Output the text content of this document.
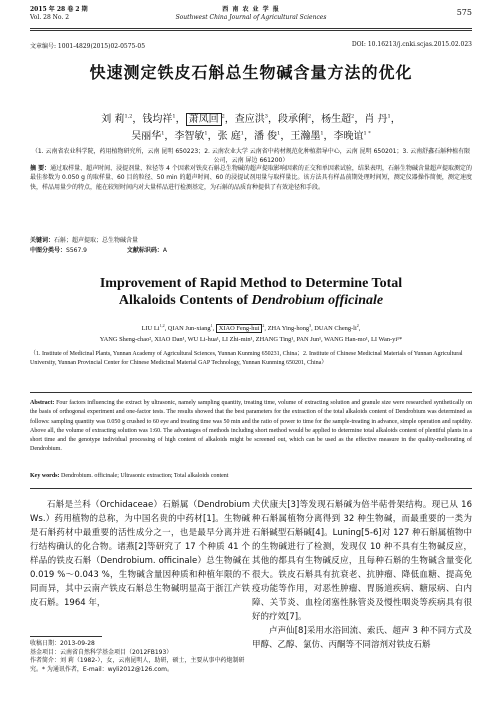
2015 年 28 卷 2 期
Vol. 28 No. 2
西 南 农 业 学 报
Southwest China Journal of Agricultural Sciences
575
文章编号: 1001-4829(2015)02-0575-05	DOI: 10.16213/j.cnki.scjas.2015.02.023
快速测定铁皮石斛总生物碱含量方法的优化
刘 莉$^{1,2}$，钱均祥$^1$， 萧凤回 $^2$，查应洪$^3$，段承俐$^2$，杨生超$^2$，肖 丹$^1$，
吴丽华$^1$，李智敏$^1$，张 庭$^1$，潘 俊$^1$，王瀚墨$^1$，李晚谊$^{1 *}$
（1. 云南省农业科学院，药用植物研究所，云南 昆明 650223；2. 云南农业大学 云南省中药材规范化种植指导中心，云南 昆明 650201；3. 云南舒鑫石斛种植有限公司，云南 屏边 661200）
摘 要：通过取样量、超声时间、浸提剂量、粒径等 4 个因素对铁皮石斛总生物碱的超声提取影响因素的正交和单因素试验，结果表明，石斛生物碱含量超声提取测定的最佳参数为 0.050 g 的取样量、60 目的粒径、50 min 的超声时间、60 的浸提试剂用量与取样量比。该方法具有样品前期处理时间短，测定仪器操作简便，测定速度快，样品用量少的特点，能在较短时间内对大量样品进行检测基定，为石斛的品质育种提供了有效途径和手段。
关键词：石斛；超声提取；总生物碱含量
中图分类号：S567.9	文献标识码：A
Improvement of Rapid Method to Determine Total
Alkaloids Contents of Dendrobium officinale
LIU Li$^{1,2}$, QIAN Jun-xiang$^1$, XIAO Feng-hui $^2$, ZHA Ying-hong$^3$, DUAN Cheng-$li^2$,
YANG Sheng-chao², XIAO Dan¹, WU Li-hua¹, LI Zhi-min¹, ZHANG Ting¹, PAN Jun¹, WANG Han-mo¹, LI Wan-yi¹*
（1. Institute of Medicinal Plants, Yunnan Academy of Agricultural Sciences, Yunnan Kunming 650231, China；2. Institute of Chinese Medicinal Materials of Yunnan Agricultural University, Yunnan Provincial Center for Chinese Medicinal Material GAP Technology, Yunnan Kunming 650201, China）
Abstract: Four factors influencing the extract by ultrasonic, namely sampling quantity, treating time, volume of extracting solution and granule size were researched synthetically on the basis of orthogonal experiment and one-factor tests. The results showed that the best parameters for the extraction of the total alkaloids content of Dendrobium was determined as follows: sampling quantity was 0.050 g crushed to 60 eye and treating time was 50 min and the ratio of power to time for the sample-treating in advance, simple operation and rapidity. Above all, the volume of extracting solution was 1:60. The advantages of methods including short method would be applied to determine total alkaloids content of plentiful plants in a short time and the genotype individual processing of high content of alkaloids might be screened out, which can be used as the effective measure in the quality-meliorating of Dendrobium.
Key words: Dendrobium. officinale; Ultrasonic extraction; Total alkaloids content

石斛是兰科（Orchidaceae）石斛属（Dendrobium Ws.）药用植物的总称，为中国名贵的中药材[1]。生物碱是石斛药材中最重要的活性成分之一，也是最早分离并进行结构确认的化合物。诸燕[2]等研究了 17 个种质 41 个样品的铁皮石斛（Dendrobium. officinale）总生物碱在 0.019 %～0.043 %，生物碱含量因种质和种植年限的不同而异，其中云南产铁皮石斛总生物碱明显高于浙江产铁皮石斛。1964 年，

犬伏康夫[3]等发现石斛碱为倍半萜骨架结构。现已从 16 种石斛属植物分离得到 32 种生物碱，而最重要的一类为石斛碱型石斛碱[4]。Luning[5-6]对 127 种石斛属植物中的生物碱进行了检测，发现仅 10 种不具有生物碱反应，其他的都具有生物碱反应，且每种石斛的生物碱含量变化很大。铁皮石斛具有抗衰老、抗肿瘤、降低血糖、提高免疫功能等作用，对恶性肿瘤、胃肠道疾病、糖尿病、白内障、关节炎、血栓闭塞性脉管炎及慢性咽炎等疾病具有很好的疗效[7]。

卢声仙[8]采用水浴回流、索氏、超声 3 种不同方式及甲醇、乙醇、氯仿、丙酮等不同溶剂对铁皮石斛

收稿日期：2013-09-28
基金项目：云南省自然科学基金项目（2012FB193）
作者简介：刘 莉（1982-），女，云南昆明人，助研，硕士，主要从事中药炮制研究。* 为通讯作者，E-mail：wyli2012@126.com。
